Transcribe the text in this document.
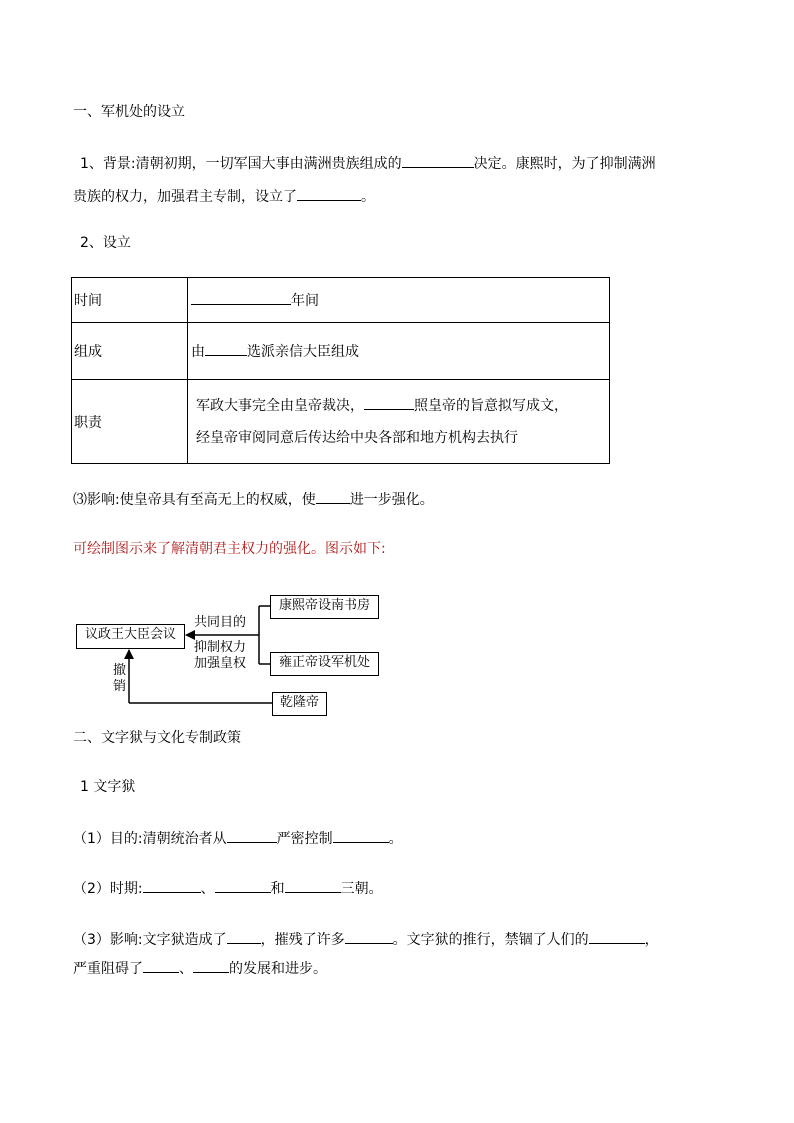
一、军机处的设立
1、背景:清朝初期，一切军国大事由满洲贵族组成的	决定。康熙时，为了抑制满洲
贵族的权力，加强君主专制，设立了	。
2、设立
时间	年间
组成	由 选派亲信大臣组成
职责	军政大事完全由皇帝裁决， 照皇帝的旨意拟写成文，
经皇帝审阅同意后传达给中央各部和地方机构去执行
⑶影响:使皇帝具有至高无上的权威，使 进一步强化。
可绘制图示来了解清朝君主权力的强化。图示如下:
议政王大臣会议
康熙帝设南书房
雍正帝设军机处
乾隆帝
共同目的
抑制权力
加强皇权
撤
销
二、文字狱与文化专制政策
1 文字狱
（1）目的:清朝统治者从	严密控制	。
（2）时期:	、	和	三朝。
（3）影响:文字狱造成了 ，摧残了许多	。文字狱的推行，禁锢了人们的	，
严重阻碍了	、	的发展和进步。
